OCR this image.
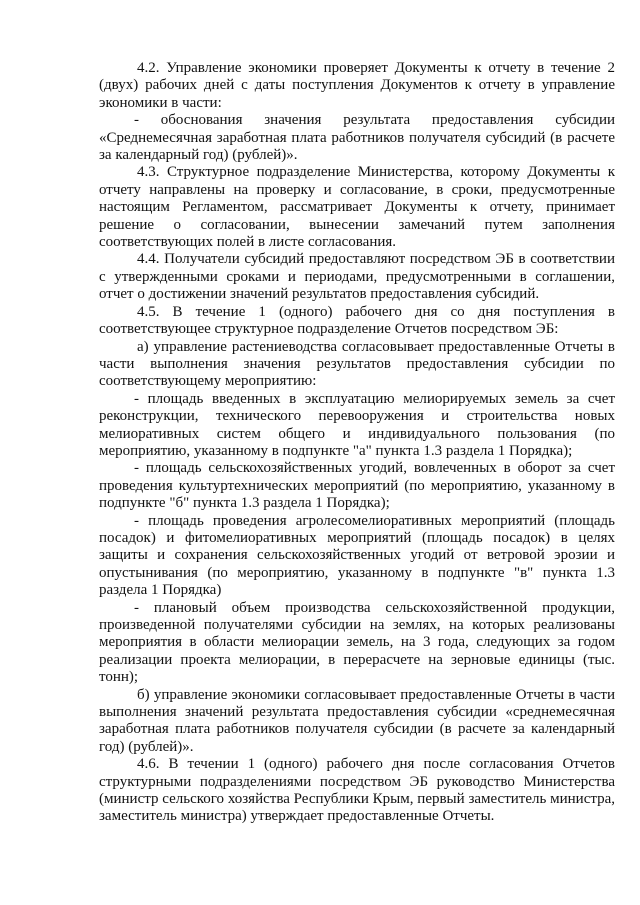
4.2. Управление экономики проверяет Документы к отчету в течение 2 (двух) рабочих дней с даты поступления Документов к отчету в управление экономики в части:

- обоснования значения результата предоставления субсидии «Среднемесячная заработная плата работников получателя субсидий (в расчете за календарный год) (рублей)».

4.3. Структурное подразделение Министерства, которому Документы к отчету направлены на проверку и согласование, в сроки, предусмотренные настоящим Регламентом, рассматривает Документы к отчету, принимает решение о согласовании, вынесении замечаний путем заполнения соответствующих полей в листе согласования.

4.4. Получатели субсидий предоставляют посредством ЭБ в соответствии с утвержденными сроками и периодами, предусмотренными в соглашении, отчет о достижении значений результатов предоставления субсидий.

4.5. В течение 1 (одного) рабочего дня со дня поступления в соответствующее структурное подразделение Отчетов посредством ЭБ:

а) управление растениеводства согласовывает предоставленные Отчеты в части выполнения значения результатов предоставления субсидии по соответствующему мероприятию:

- площадь введенных в эксплуатацию мелиорируемых земель за счет реконструкции, технического перевооружения и строительства новых мелиоративных систем общего и индивидуального пользования (по мероприятию, указанному в подпункте "а" пункта 1.3 раздела 1 Порядка);

- площадь сельскохозяйственных угодий, вовлеченных в оборот за счет проведения культуртехнических мероприятий (по мероприятию, указанному в подпункте "б" пункта 1.3 раздела 1 Порядка);

- площадь проведения агролесомелиоративных мероприятий (площадь посадок) и фитомелиоративных мероприятий (площадь посадок) в целях защиты и сохранения сельскохозяйственных угодий от ветровой эрозии и опустынивания (по мероприятию, указанному в подпункте "в" пункта 1.3 раздела 1 Порядка)

- плановый объем производства сельскохозяйственной продукции, произведенной получателями субсидии на землях, на которых реализованы мероприятия в области мелиорации земель, на 3 года, следующих за годом реализации проекта мелиорации, в перерасчете на зерновые единицы (тыс. тонн);

б) управление экономики согласовывает предоставленные Отчеты в части выполнения значений результата предоставления субсидии «среднемесячная заработная плата работников получателя субсидии (в расчете за календарный год) (рублей)».

4.6. В течении 1 (одного) рабочего дня после согласования Отчетов структурными подразделениями посредством ЭБ руководство Министерства (министр сельского хозяйства Республики Крым, первый заместитель министра, заместитель министра) утверждает предоставленные Отчеты.
